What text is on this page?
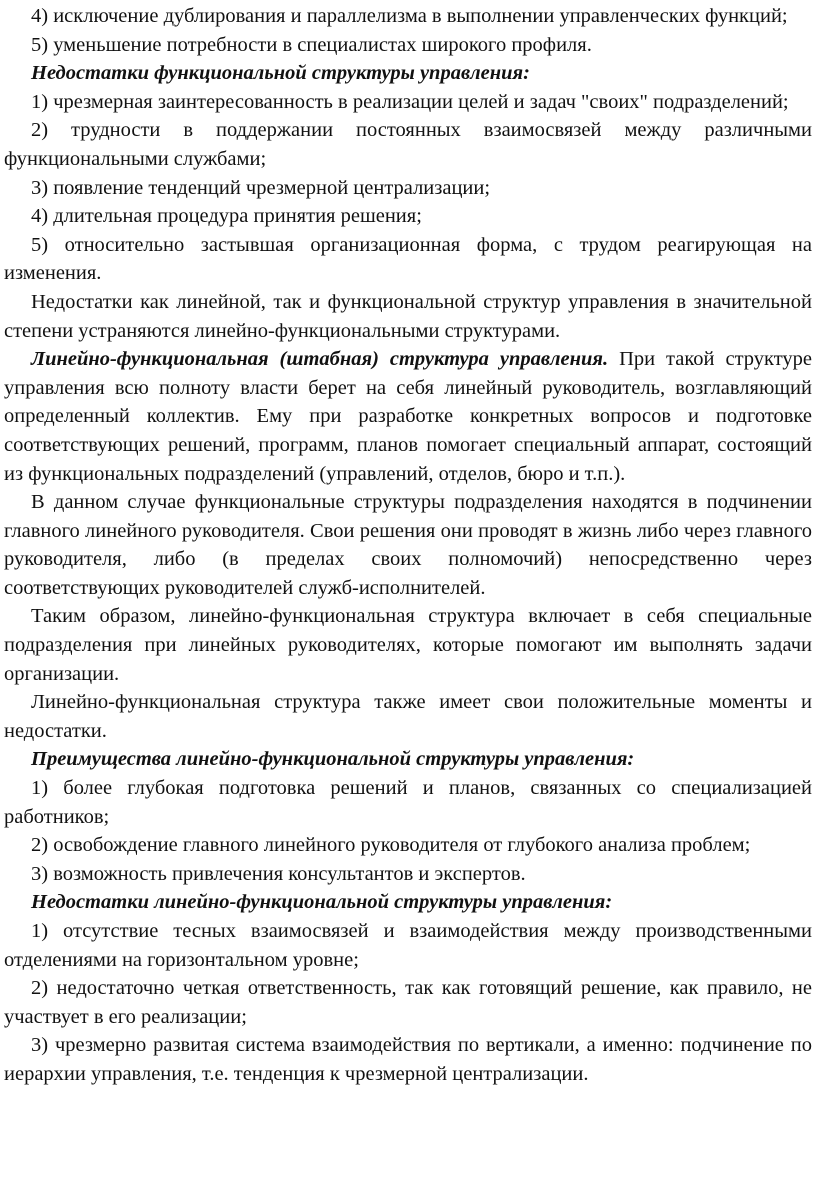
4) исключение дублирования и параллелизма в выполнении управленческих функций;

5) уменьшение потребности в специалистах широкого профиля.

Недостатки функциональной структуры управления:

1) чрезмерная заинтересованность в реализации целей и задач "своих" подразделений;

2) трудности в поддержании постоянных взаимосвязей между различными функциональными службами;

3) появление тенденций чрезмерной централизации;

4) длительная процедура принятия решения;

5) относительно застывшая организационная форма, с трудом реагирующая на изменения.

Недостатки как линейной, так и функциональной структур управления в значительной степени устраняются линейно-функциональными структурами.

Линейно-функциональная (штабная) структура управления. При такой структуре управления всю полноту власти берет на себя линейный руководитель, возглавляющий определенный коллектив. Ему при разработке конкретных вопросов и подготовке соответствующих решений, программ, планов помогает специальный аппарат, состоящий из функциональных подразделений (управлений, отделов, бюро и т.п.).

В данном случае функциональные структуры подразделения находятся в подчинении главного линейного руководителя. Свои решения они проводят в жизнь либо через главного руководителя, либо (в пределах своих полномочий) непосредственно через соответствующих руководителей служб-исполнителей.

Таким образом, линейно-функциональная структура включает в себя специальные подразделения при линейных руководителях, которые помогают им выполнять задачи организации.

Линейно-функциональная структура также имеет свои положительные моменты и недостатки.

Преимущества линейно-функциональной структуры управления:

1) более глубокая подготовка решений и планов, связанных со специализацией работников;

2) освобождение главного линейного руководителя от глубокого анализа проблем;

3) возможность привлечения консультантов и экспертов.

Недостатки линейно-функциональной структуры управления:

1) отсутствие тесных взаимосвязей и взаимодействия между производственными отделениями на горизонтальном уровне;

2) недостаточно четкая ответственность, так как готовящий решение, как правило, не участвует в его реализации;

3) чрезмерно развитая система взаимодействия по вертикали, а именно: подчинение по иерархии управления, т.е. тенденция к чрезмерной централизации.
